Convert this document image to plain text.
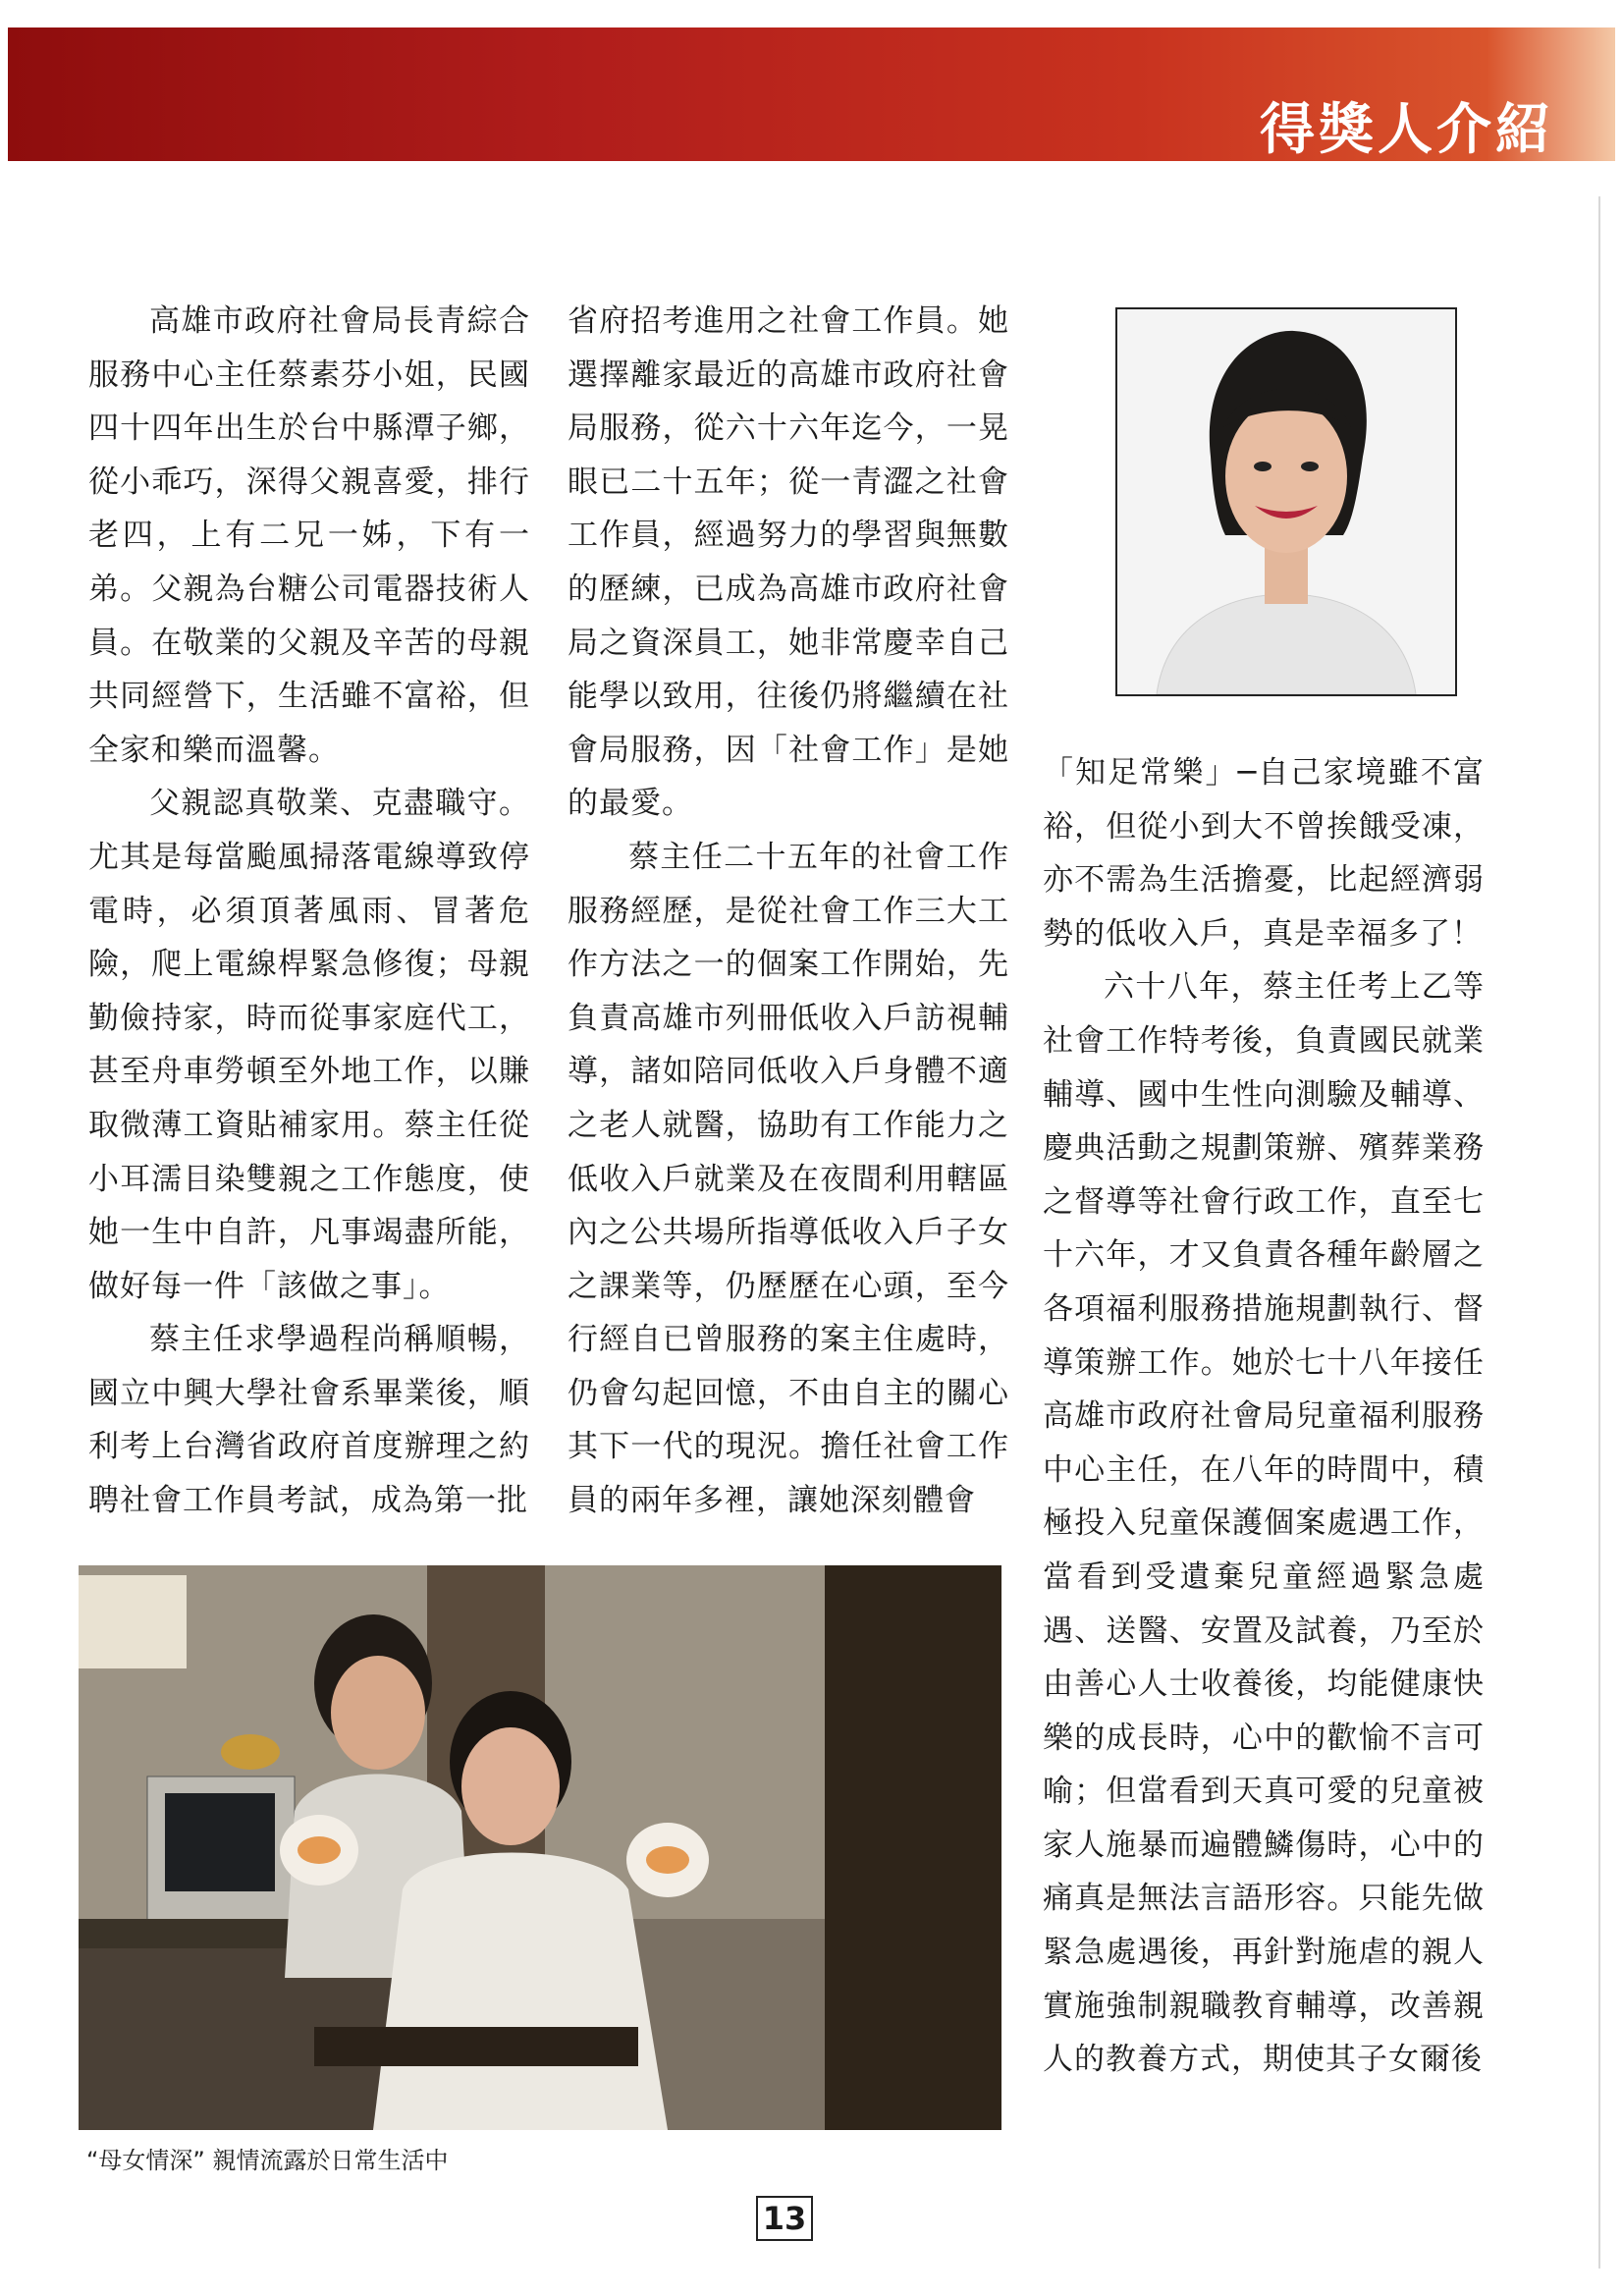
得獎人介紹

高雄市政府社會局長青綜合服務中心主任蔡素芬小姐，民國四十四年出生於台中縣潭子鄉，從小乖巧，深得父親喜愛，排行老四，上有二兄一姊，下有一弟。父親為台糖公司電器技術人員。在敬業的父親及辛苦的母親共同經營下，生活雖不富裕，但全家和樂而溫馨。

父親認真敬業、克盡職守。尤其是每當颱風掃落電線導致停電時，必須頂著風雨、冒著危險，爬上電線桿緊急修復；母親勤儉持家，時而從事家庭代工，甚至舟車勞頓至外地工作，以賺取微薄工資貼補家用。蔡主任從小耳濡目染雙親之工作態度，使她一生中自許，凡事竭盡所能，做好每一件「該做之事」。

蔡主任求學過程尚稱順暢，國立中興大學社會系畢業後，順利考上台灣省政府首度辦理之約聘社會工作員考試，成為第一批

省府招考進用之社會工作員。她選擇離家最近的高雄市政府社會局服務，從六十六年迄今，一晃眼已二十五年；從一青澀之社會工作員，經過努力的學習與無數的歷練，已成為高雄市政府社會局之資深員工，她非常慶幸自己能學以致用，往後仍將繼續在社會局服務，因「社會工作」是她的最愛。

蔡主任二十五年的社會工作服務經歷，是從社會工作三大工作方法之一的個案工作開始，先負責高雄市列冊低收入戶訪視輔導，諸如陪同低收入戶身體不適之老人就醫，協助有工作能力之低收入戶就業及在夜間利用轄區內之公共場所指導低收入戶子女之課業等，仍歷歷在心頭，至今行經自已曾服務的案主住處時，仍會勾起回憶，不由自主的關心其下一代的現況。擔任社會工作員的兩年多裡，讓她深刻體會

「知足常樂」─自己家境雖不富裕，但從小到大不曾挨餓受凍，亦不需為生活擔憂，比起經濟弱勢的低收入戶，真是幸福多了！

六十八年，蔡主任考上乙等社會工作特考後，負責國民就業輔導、國中生性向測驗及輔導、慶典活動之規劃策辦、殯葬業務之督導等社會行政工作，直至七十六年，才又負責各種年齡層之各項福利服務措施規劃執行、督導策辦工作。她於七十八年接任高雄市政府社會局兒童福利服務中心主任，在八年的時間中，積極投入兒童保護個案處遇工作，當看到受遺棄兒童經過緊急處遇、送醫、安置及試養，乃至於由善心人士收養後，均能健康快樂的成長時，心中的歡愉不言可喻；但當看到天真可愛的兒童被家人施暴而遍體鱗傷時，心中的痛真是無法言語形容。只能先做緊急處遇後，再針對施虐的親人實施強制親職教育輔導，改善親人的教養方式，期使其子女爾後

“母女情深” 親情流露於日常生活中
13
